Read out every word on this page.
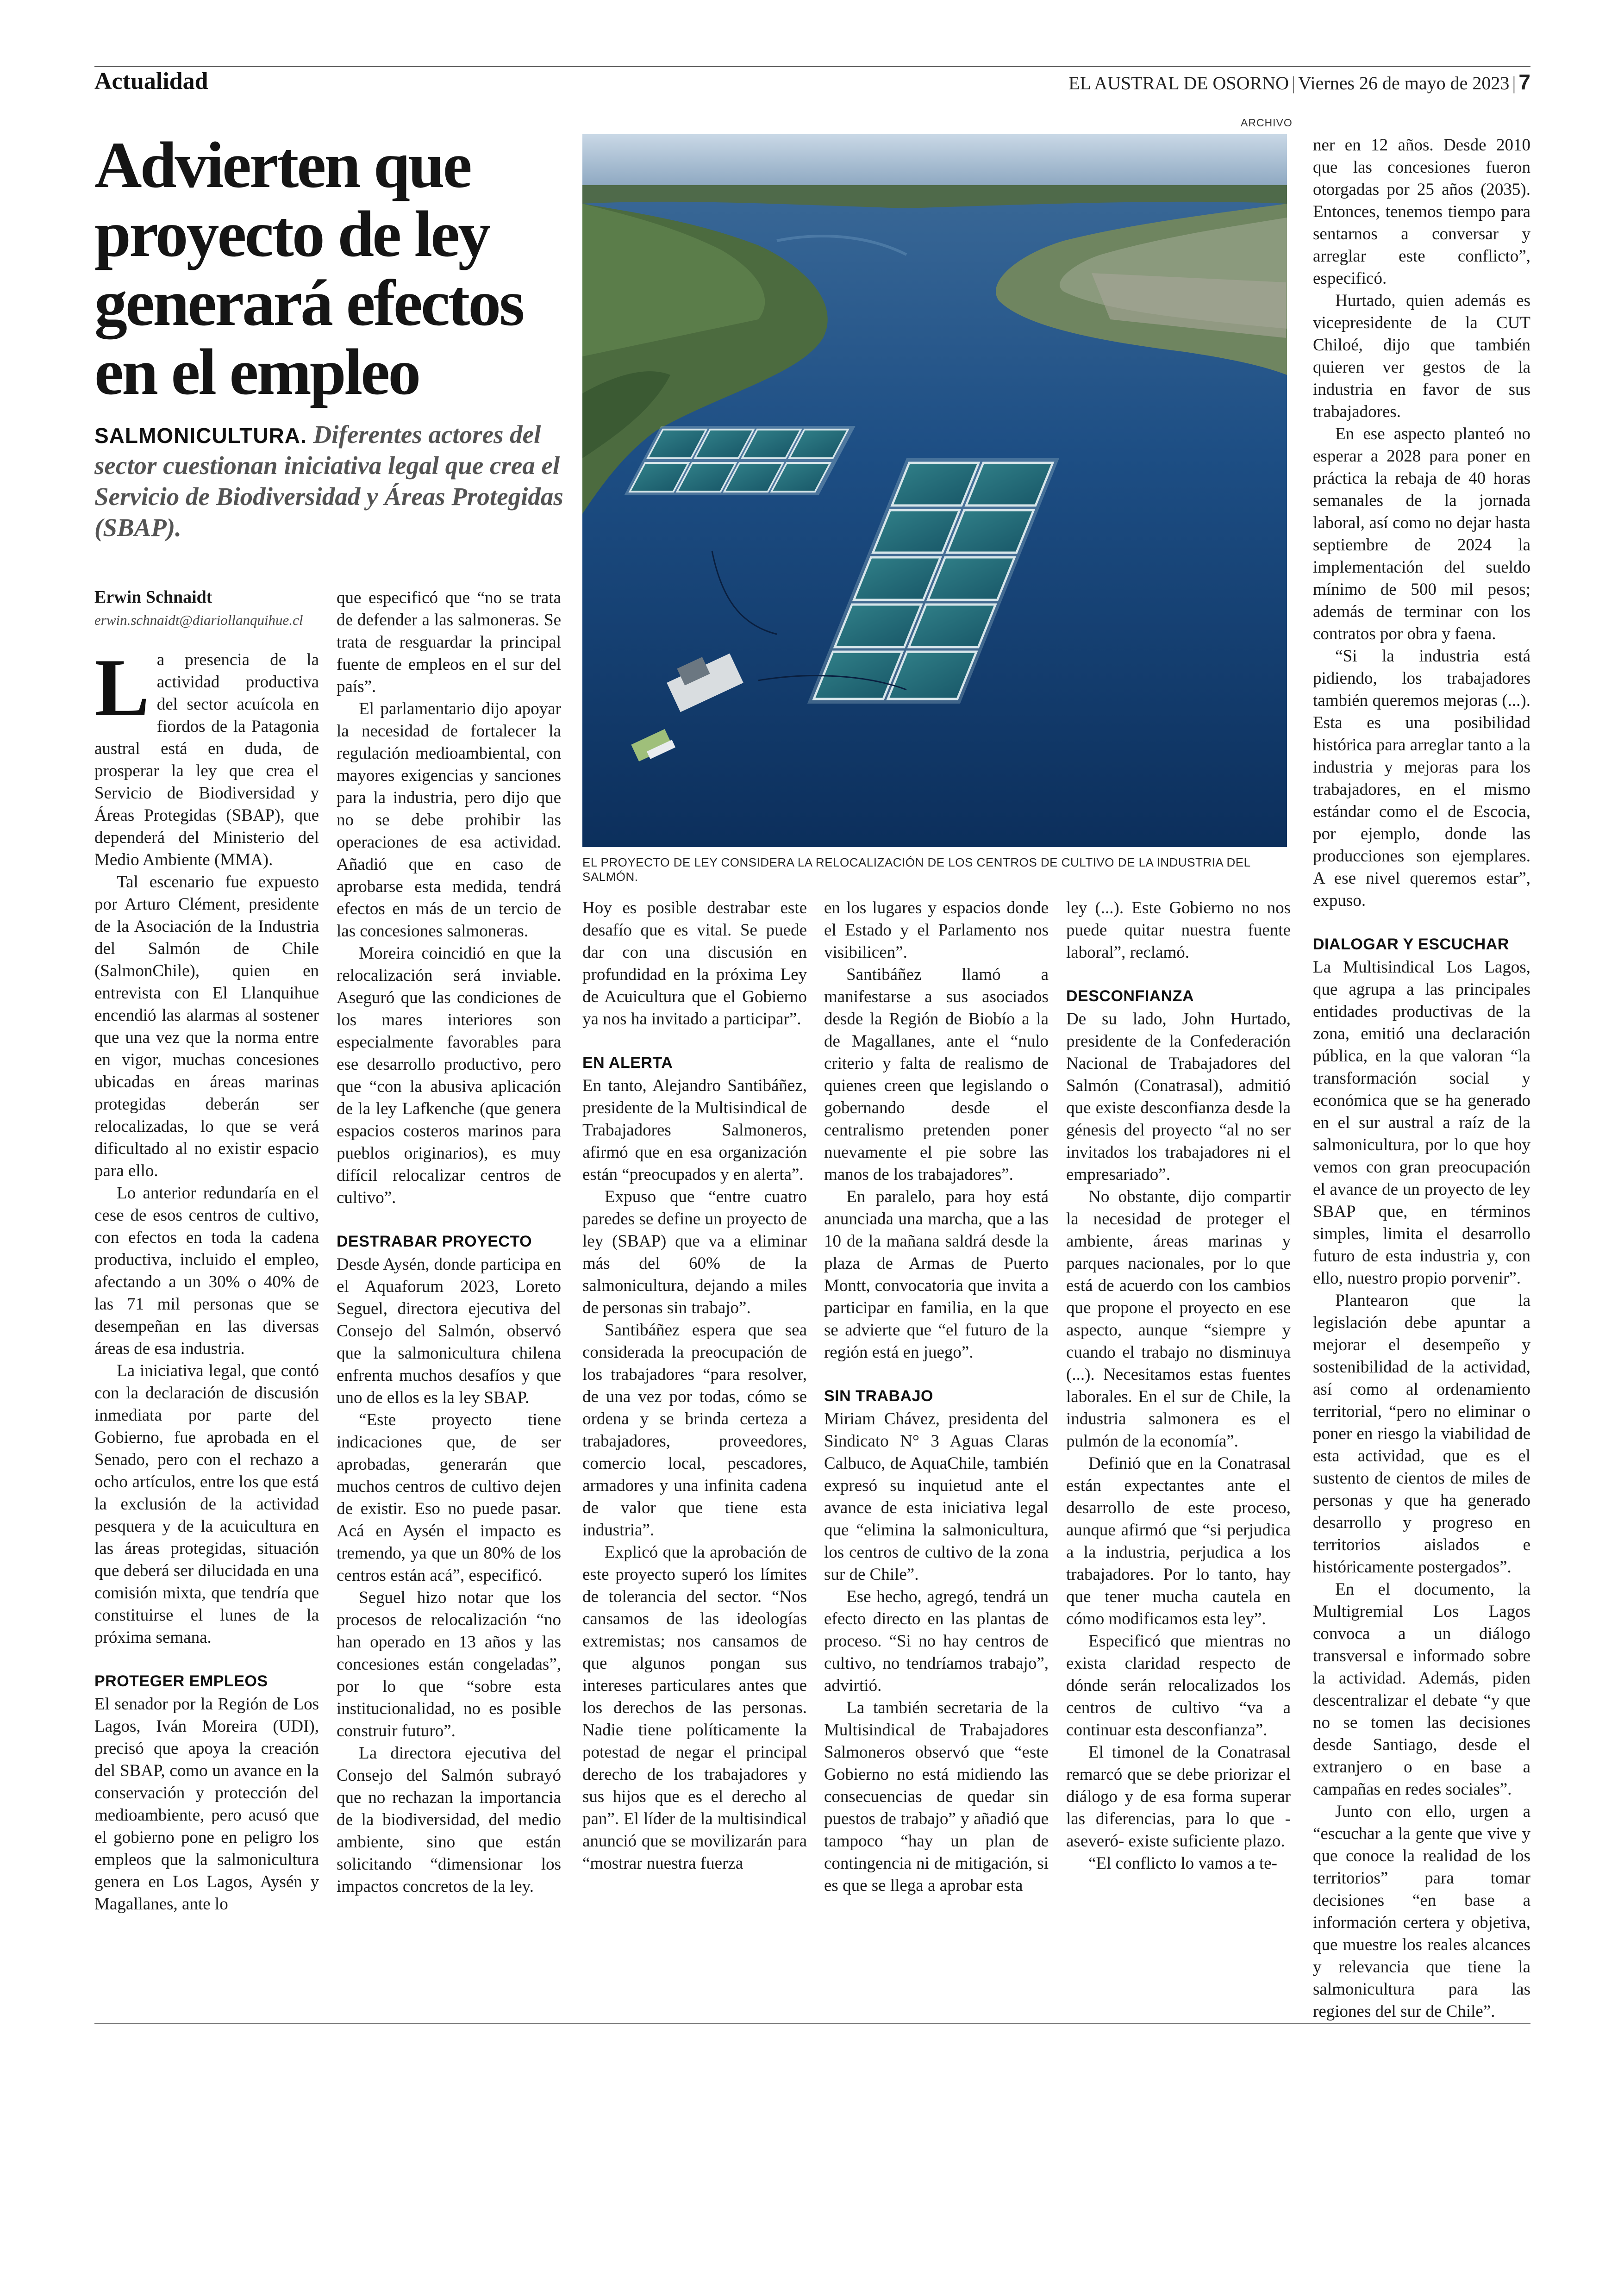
Actualidad	EL AUSTRAL DE OSORNO | Viernes 26 de mayo de 2023 | 7
Advierten que proyecto de ley generará efectos en el empleo
SALMONICULTURA. Diferentes actores del sector cuestionan iniciativa legal que crea el Servicio de Biodiversidad y Áreas Protegidas (SBAP).
Erwin Schnaidt
erwin.schnaidt@diariollanquihue.cl
ARCHIVO
EL PROYECTO DE LEY CONSIDERA LA RELOCALIZACIÓN DE LOS CENTROS DE CULTIVO DE LA INDUSTRIA DEL SALMÓN.

La presencia de la actividad productiva del sector acuícola en fiordos de la Patagonia austral está en duda, de prosperar la ley que crea el Servicio de Biodiversidad y Áreas Protegidas (SBAP), que dependerá del Ministerio del Medio Ambiente (MMA).

Tal escenario fue expuesto por Arturo Clément, presidente de la Asociación de la Industria del Salmón de Chile (SalmonChile), quien en entrevista con El Llanquihue encendió las alarmas al sostener que una vez que la norma entre en vigor, muchas concesiones ubicadas en áreas marinas protegidas deberán ser relocalizadas, lo que se verá dificultado al no existir espacio para ello.

Lo anterior redundaría en el cese de esos centros de cultivo, con efectos en toda la cadena productiva, incluido el empleo, afectando a un 30% o 40% de las 71 mil personas que se desempeñan en las diversas áreas de esa industria.

La iniciativa legal, que contó con la declaración de discusión inmediata por parte del Gobierno, fue aprobada en el Senado, pero con el rechazo a ocho artículos, entre los que está la exclusión de la actividad pesquera y de la acuicultura en las áreas protegidas, situación que deberá ser dilucidada en una comisión mixta, que tendría que constituirse el lunes de la próxima semana.

PROTEGER EMPLEOS

El senador por la Región de Los Lagos, Iván Moreira (UDI), precisó que apoya la creación del SBAP, como un avance en la conservación y protección del medioambiente, pero acusó que el gobierno pone en peligro los empleos que la salmonicultura genera en Los Lagos, Aysén y Magallanes, ante lo

que especificó que “no se trata de defender a las salmoneras. Se trata de resguardar la principal fuente de empleos en el sur del país”.

El parlamentario dijo apoyar la necesidad de fortalecer la regulación medioambiental, con mayores exigencias y sanciones para la industria, pero dijo que no se debe prohibir las operaciones de esa actividad. Añadió que en caso de aprobarse esta medida, tendrá efectos en más de un tercio de las concesiones salmoneras.

Moreira coincidió en que la relocalización será inviable. Aseguró que las condiciones de los mares interiores son especialmente favorables para ese desarrollo productivo, pero que “con la abusiva aplicación de la ley Lafkenche (que genera espacios costeros marinos para pueblos originarios), es muy difícil relocalizar centros de cultivo”.

DESTRABAR PROYECTO

Desde Aysén, donde participa en el Aquaforum 2023, Loreto Seguel, directora ejecutiva del Consejo del Salmón, observó que la salmonicultura chilena enfrenta muchos desafíos y que uno de ellos es la ley SBAP.

“Este proyecto tiene indicaciones que, de ser aprobadas, generarán que muchos centros de cultivo dejen de existir. Eso no puede pasar. Acá en Aysén el impacto es tremendo, ya que un 80% de los centros están acá”, especificó.

Seguel hizo notar que los procesos de relocalización “no han operado en 13 años y las concesiones están congeladas”, por lo que “sobre esta institucionalidad, no es posible construir futuro”.

La directora ejecutiva del Consejo del Salmón subrayó que no rechazan la importancia de la biodiversidad, del medio ambiente, sino que están solicitando “dimensionar los impactos concretos de la ley.

Hoy es posible destrabar este desafío que es vital. Se puede dar con una discusión en profundidad en la próxima Ley de Acuicultura que el Gobierno ya nos ha invitado a participar”.

EN ALERTA

En tanto, Alejandro Santibáñez, presidente de la Multisindical de Trabajadores Salmoneros, afirmó que en esa organización están “preocupados y en alerta”.

Expuso que “entre cuatro paredes se define un proyecto de ley (SBAP) que va a eliminar más del 60% de la salmonicultura, dejando a miles de personas sin trabajo”.

Santibáñez espera que sea considerada la preocupación de los trabajadores “para resolver, de una vez por todas, cómo se ordena y se brinda certeza a trabajadores, proveedores, comercio local, pescadores, armadores y una infinita cadena de valor que tiene esta industria”.

Explicó que la aprobación de este proyecto superó los límites de tolerancia del sector. “Nos cansamos de las ideologías extremistas; nos cansamos de que algunos pongan sus intereses particulares antes que los derechos de las personas. Nadie tiene políticamente la potestad de negar el principal derecho de los trabajadores y sus hijos que es el derecho al pan”. El líder de la multisindical anunció que se movilizarán para “mostrar nuestra fuerza

en los lugares y espacios donde el Estado y el Parlamento nos visibilicen”.

Santibáñez llamó a manifestarse a sus asociados desde la Región de Biobío a la de Magallanes, ante el “nulo criterio y falta de realismo de quienes creen que legislando o gobernando desde el centralismo pretenden poner nuevamente el pie sobre las manos de los trabajadores”.

En paralelo, para hoy está anunciada una marcha, que a las 10 de la mañana saldrá desde la plaza de Armas de Puerto Montt, convocatoria que invita a participar en familia, en la que se advierte que “el futuro de la región está en juego”.

SIN TRABAJO

Miriam Chávez, presidenta del Sindicato N° 3 Aguas Claras Calbuco, de AquaChile, también expresó su inquietud ante el avance de esta iniciativa legal que “elimina la salmonicultura, los centros de cultivo de la zona sur de Chile”.

Ese hecho, agregó, tendrá un efecto directo en las plantas de proceso. “Si no hay centros de cultivo, no tendríamos trabajo”, advirtió.

La también secretaria de la Multisindical de Trabajadores Salmoneros observó que “este Gobierno no está midiendo las consecuencias de quedar sin puestos de trabajo” y añadió que tampoco “hay un plan de contingencia ni de mitigación, si es que se llega a aprobar esta

ley (...). Este Gobierno no nos puede quitar nuestra fuente laboral”, reclamó.

DESCONFIANZA

De su lado, John Hurtado, presidente de la Confederación Nacional de Trabajadores del Salmón (Conatrasal), admitió que existe desconfianza desde la génesis del proyecto “al no ser invitados los trabajadores ni el empresariado”.

No obstante, dijo compartir la necesidad de proteger el ambiente, áreas marinas y parques nacionales, por lo que está de acuerdo con los cambios que propone el proyecto en ese aspecto, aunque “siempre y cuando el trabajo no disminuya (...). Necesitamos estas fuentes laborales. En el sur de Chile, la industria salmonera es el pulmón de la economía”.

Definió que en la Conatrasal están expectantes ante el desarrollo de este proceso, aunque afirmó que “si perjudica a la industria, perjudica a los trabajadores. Por lo tanto, hay que tener mucha cautela en cómo modificamos esta ley”.

Especificó que mientras no exista claridad respecto de dónde serán relocalizados los centros de cultivo “va a continuar esta desconfianza”.

El timonel de la Conatrasal remarcó que se debe priorizar el diálogo y de esa forma superar las diferencias, para lo que -aseveró- existe suficiente plazo.

“El conflicto lo vamos a te-

ner en 12 años. Desde 2010 que las concesiones fueron otorgadas por 25 años (2035). Entonces, tenemos tiempo para sentarnos a conversar y arreglar este conflicto”, especificó.

Hurtado, quien además es vicepresidente de la CUT Chiloé, dijo que también quieren ver gestos de la industria en favor de sus trabajadores.

En ese aspecto planteó no esperar a 2028 para poner en práctica la rebaja de 40 horas semanales de la jornada laboral, así como no dejar hasta septiembre de 2024 la implementación del sueldo mínimo de 500 mil pesos; además de terminar con los contratos por obra y faena.

“Si la industria está pidiendo, los trabajadores también queremos mejoras (...). Esta es una posibilidad histórica para arreglar tanto a la industria y mejoras para los trabajadores, en el mismo estándar como el de Escocia, por ejemplo, donde las producciones son ejemplares. A ese nivel queremos estar”, expuso.

DIALOGAR Y ESCUCHAR

La Multisindical Los Lagos, que agrupa a las principales entidades productivas de la zona, emitió una declaración pública, en la que valoran “la transformación social y económica que se ha generado en el sur austral a raíz de la salmonicultura, por lo que hoy vemos con gran preocupación el avance de un proyecto de ley SBAP que, en términos simples, limita el desarrollo futuro de esta industria y, con ello, nuestro propio porvenir”.

Plantearon que la legislación debe apuntar a mejorar el desempeño y sostenibilidad de la actividad, así como al ordenamiento territorial, “pero no eliminar o poner en riesgo la viabilidad de esta actividad, que es el sustento de cientos de miles de personas y que ha generado desarrollo y progreso en territorios aislados e históricamente postergados”.

En el documento, la Multigremial Los Lagos convoca a un diálogo transversal e informado sobre la actividad. Además, piden descentralizar el debate “y que no se tomen las decisiones desde Santiago, desde el extranjero o en base a campañas en redes sociales”.

Junto con ello, urgen a “escuchar a la gente que vive y que conoce la realidad de los territorios” para tomar decisiones “en base a información certera y objetiva, que muestre los reales alcances y relevancia que tiene la salmonicultura para las regiones del sur de Chile”.
